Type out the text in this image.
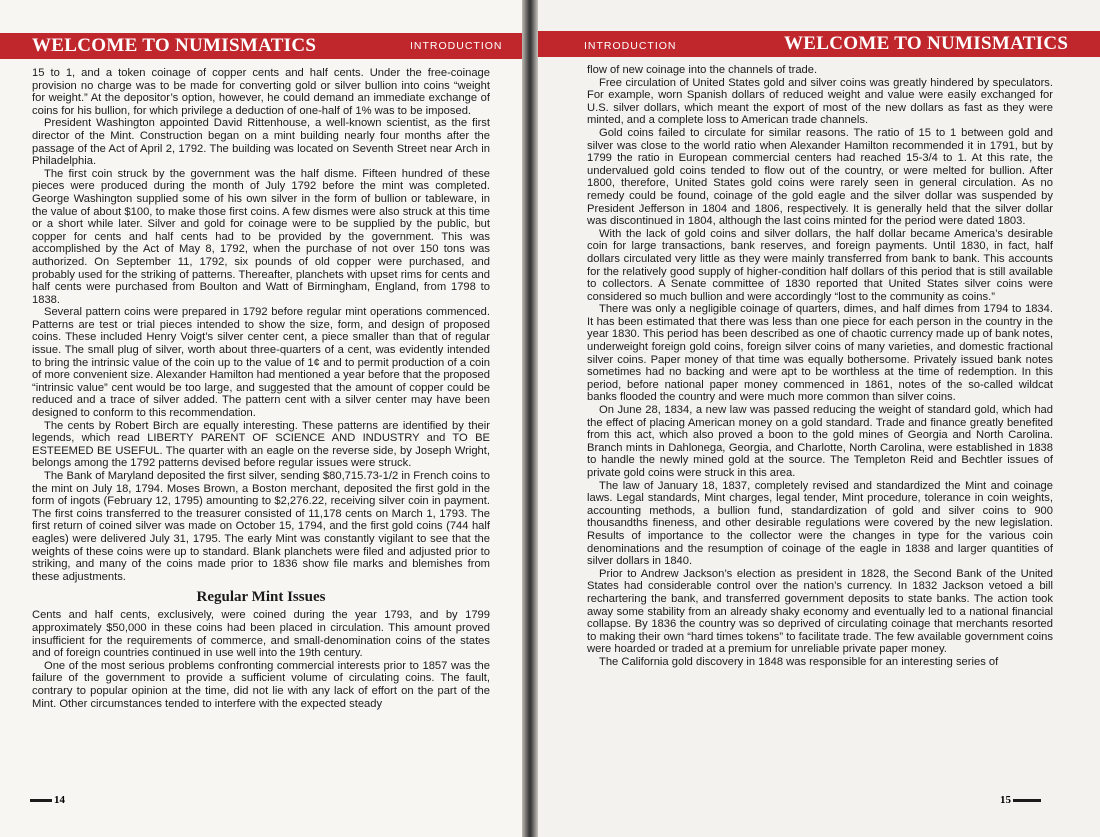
WELCOME TO NUMISMATICS	INTRODUCTION

15 to 1, and a token coinage of copper cents and half cents. Under the free-coinage provision no charge was to be made for converting gold or silver bullion into coins “weight for weight.” At the depositor’s option, however, he could demand an immediate exchange of coins for his bullion, for which privilege a deduction of one-half of 1% was to be imposed.

President Washington appointed David Rittenhouse, a well-known scientist, as the first director of the Mint. Construction began on a mint building nearly four months after the passage of the Act of April 2, 1792. The building was located on Seventh Street near Arch in Philadelphia.

The first coin struck by the government was the half disme. Fifteen hundred of these pieces were produced during the month of July 1792 before the mint was completed. George Washington supplied some of his own silver in the form of bullion or tableware, in the value of about $100, to make those first coins. A few dismes were also struck at this time or a short while later. Silver and gold for coinage were to be supplied by the public, but copper for cents and half cents had to be provided by the government. This was accomplished by the Act of May 8, 1792, when the purchase of not over 150 tons was authorized. On September 11, 1792, six pounds of old copper were purchased, and probably used for the striking of patterns. Thereafter, planchets with upset rims for cents and half cents were purchased from Boulton and Watt of Birmingham, England, from 1798 to 1838.

Several pattern coins were prepared in 1792 before regular mint operations commenced. Patterns are test or trial pieces intended to show the size, form, and design of proposed coins. These included Henry Voigt’s silver center cent, a piece smaller than that of regular issue. The small plug of silver, worth about three-quarters of a cent, was evidently intended to bring the intrinsic value of the coin up to the value of 1¢ and to permit production of a coin of more convenient size. Alexander Hamilton had mentioned a year before that the proposed “intrinsic value” cent would be too large, and suggested that the amount of copper could be reduced and a trace of silver added. The pattern cent with a silver center may have been designed to conform to this recommendation.

The cents by Robert Birch are equally interesting. These patterns are identified by their legends, which read LIBERTY PARENT OF SCIENCE AND INDUSTRY and TO BE ESTEEMED BE USEFUL. The quarter with an eagle on the reverse side, by Joseph Wright, belongs among the 1792 patterns devised before regular issues were struck.

The Bank of Maryland deposited the first silver, sending $80,715.73-1/2 in French coins to the mint on July 18, 1794. Moses Brown, a Boston merchant, deposited the first gold in the form of ingots (February 12, 1795) amounting to $2,276.22, receiving silver coin in payment. The first coins transferred to the treasurer consisted of 11,178 cents on March 1, 1793. The first return of coined silver was made on October 15, 1794, and the first gold coins (744 half eagles) were delivered July 31, 1795. The early Mint was constantly vigilant to see that the weights of these coins were up to standard. Blank planchets were filed and adjusted prior to striking, and many of the coins made prior to 1836 show file marks and blemishes from these adjustments.

Regular Mint Issues

Cents and half cents, exclusively, were coined during the year 1793, and by 1799 approximately $50,000 in these coins had been placed in circulation. This amount proved insufficient for the requirements of commerce, and small-denomination coins of the states and of foreign countries continued in use well into the 19th century.

One of the most serious problems confronting commercial interests prior to 1857 was the failure of the government to provide a sufficient volume of circulating coins. The fault, contrary to popular opinion at the time, did not lie with any lack of effort on the part of the Mint. Other circumstances tended to interfere with the expected steady

14
INTRODUCTION	WELCOME TO NUMISMATICS

flow of new coinage into the channels of trade.

Free circulation of United States gold and silver coins was greatly hindered by speculators. For example, worn Spanish dollars of reduced weight and value were easily exchanged for U.S. silver dollars, which meant the export of most of the new dollars as fast as they were minted, and a complete loss to American trade channels.

Gold coins failed to circulate for similar reasons. The ratio of 15 to 1 between gold and silver was close to the world ratio when Alexander Hamilton recommended it in 1791, but by 1799 the ratio in European commercial centers had reached 15-3/4 to 1. At this rate, the undervalued gold coins tended to flow out of the country, or were melted for bullion. After 1800, therefore, United States gold coins were rarely seen in general circulation. As no remedy could be found, coinage of the gold eagle and the silver dollar was suspended by President Jefferson in 1804 and 1806, respectively. It is generally held that the silver dollar was discontinued in 1804, although the last coins minted for the period were dated 1803.

With the lack of gold coins and silver dollars, the half dollar became America’s desirable coin for large transactions, bank reserves, and foreign payments. Until 1830, in fact, half dollars circulated very little as they were mainly transferred from bank to bank. This accounts for the relatively good supply of higher-condition half dollars of this period that is still available to collectors. A Senate committee of 1830 reported that United States silver coins were considered so much bullion and were accordingly “lost to the community as coins.”

There was only a negligible coinage of quarters, dimes, and half dimes from 1794 to 1834. It has been estimated that there was less than one piece for each person in the country in the year 1830. This period has been described as one of chaotic currency made up of bank notes, underweight foreign gold coins, foreign silver coins of many varieties, and domestic fractional silver coins. Paper money of that time was equally bothersome. Privately issued bank notes sometimes had no backing and were apt to be worthless at the time of redemption. In this period, before national paper money commenced in 1861, notes of the so-called wildcat banks flooded the country and were much more common than silver coins.

On June 28, 1834, a new law was passed reducing the weight of standard gold, which had the effect of placing American money on a gold standard. Trade and finance greatly benefited from this act, which also proved a boon to the gold mines of Georgia and North Carolina. Branch mints in Dahlonega, Georgia, and Charlotte, North Carolina, were established in 1838 to handle the newly mined gold at the source. The Templeton Reid and Bechtler issues of private gold coins were struck in this area.

The law of January 18, 1837, completely revised and standardized the Mint and coinage laws. Legal standards, Mint charges, legal tender, Mint procedure, tolerance in coin weights, accounting methods, a bullion fund, standardization of gold and silver coins to 900 thousandths fineness, and other desirable regulations were covered by the new legislation. Results of importance to the collector were the changes in type for the various coin denominations and the resumption of coinage of the eagle in 1838 and larger quantities of silver dollars in 1840.

Prior to Andrew Jackson’s election as president in 1828, the Second Bank of the United States had considerable control over the nation’s currency. In 1832 Jackson vetoed a bill rechartering the bank, and transferred government deposits to state banks. The action took away some stability from an already shaky economy and eventually led to a national financial collapse. By 1836 the country was so deprived of circulating coinage that merchants resorted to making their own “hard times tokens” to facilitate trade. The few available government coins were hoarded or traded at a premium for unreliable private paper money.

The California gold discovery in 1848 was responsible for an interesting series of

15
